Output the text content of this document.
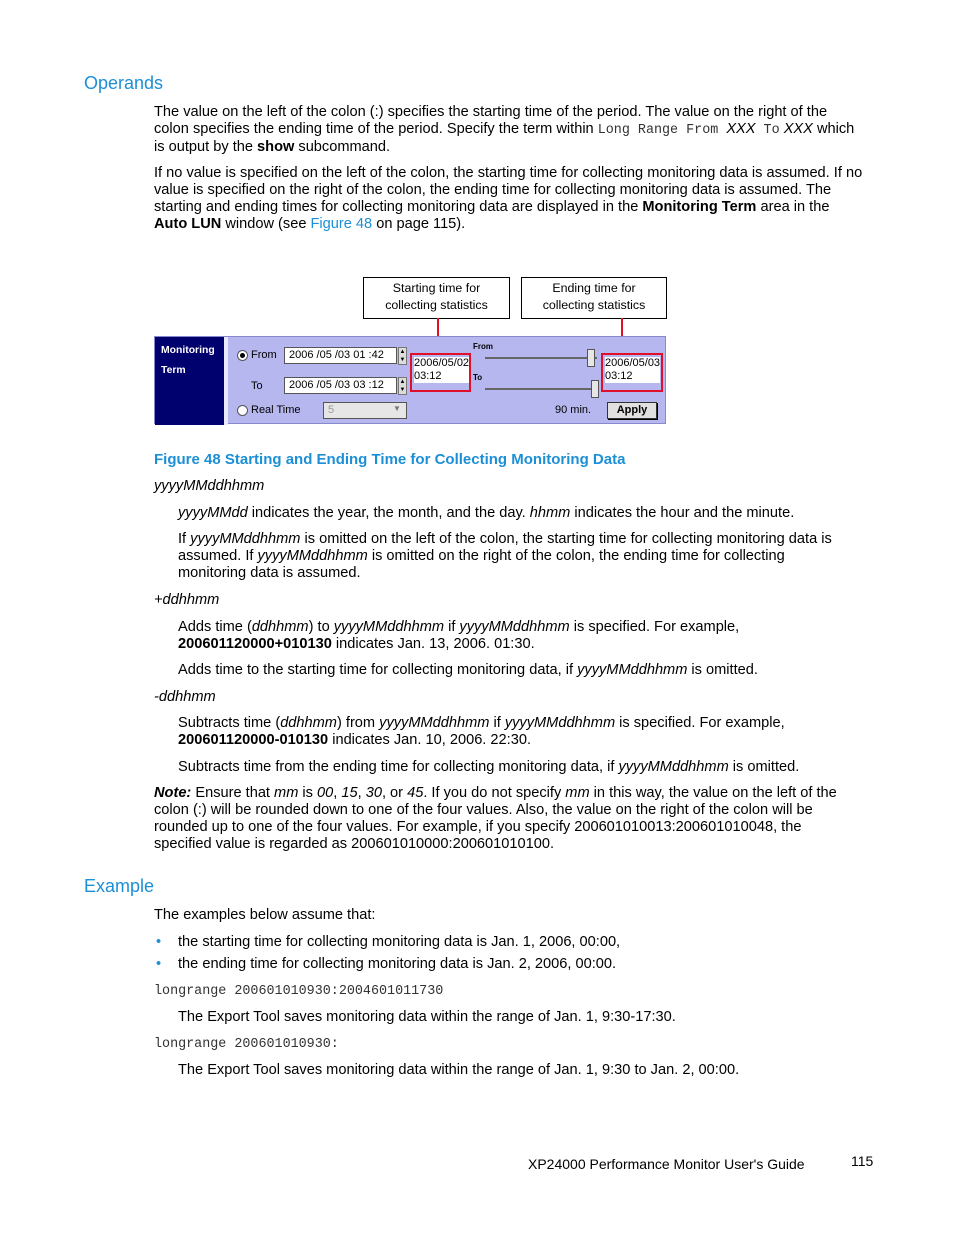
Operands
The value on the left of the colon (:) specifies the starting time of the period. The value on the right of the colon specifies the ending time of the period. Specify the term within Long Range From XXX To XXX which is output by the show subcommand.
If no value is specified on the left of the colon, the starting time for collecting monitoring data is assumed. If no value is specified on the right of the colon, the ending time for collecting monitoring data is assumed. The starting and ending times for collecting monitoring data are displayed in the Monitoring Term area in the Auto LUN window (see Figure 48 on page 115).
Starting time for
collecting statistics
Ending time for
collecting statistics
Monitoring
Term
From	2006 /05 /03 01 :42	▲
▼
To	2006 /05 /03 03 :12	▲
▼
2006/05/02
03:12
From
To
2006/05/03
03:12
Real Time	5	▼	90 min.	Apply
Figure 48 Starting and Ending Time for Collecting Monitoring Data
yyyyMMddhhmm
yyyyMMdd indicates the year, the month, and the day. hhmm indicates the hour and the minute.
If yyyyMMddhhmm is omitted on the left of the colon, the starting time for collecting monitoring data is assumed. If yyyyMMddhhmm is omitted on the right of the colon, the ending time for collecting monitoring data is assumed.
+ddhhmm
Adds time (ddhhmm) to yyyyMMddhhmm if yyyyMMddhhmm is specified. For example, 200601120000+010130 indicates Jan. 13, 2006. 01:30.
Adds time to the starting time for collecting monitoring data, if yyyyMMddhhmm is omitted.
-ddhhmm
Subtracts time (ddhhmm) from yyyyMMddhhmm if yyyyMMddhhmm is specified. For example, 200601120000-010130 indicates Jan. 10, 2006. 22:30.
Subtracts time from the ending time for collecting monitoring data, if yyyyMMddhhmm is omitted.
Note: Ensure that mm is 00, 15, 30, or 45. If you do not specify mm in this way, the value on the left of the colon (:) will be rounded down to one of the four values. Also, the value on the right of the colon will be rounded up to one of the four values. For example, if you specify 200601010013:200601010048, the specified value is regarded as 200601010000:200601010100.
Example
The examples below assume that:
• the starting time for collecting monitoring data is Jan. 1, 2006, 00:00,
• the ending time for collecting monitoring data is Jan. 2, 2006, 00:00.
longrange 200601010930:2004601011730
The Export Tool saves monitoring data within the range of Jan. 1, 9:30-17:30.
longrange 200601010930:
The Export Tool saves monitoring data within the range of Jan. 1, 9:30 to Jan. 2, 00:00.
XP24000 Performance Monitor User's Guide	115
